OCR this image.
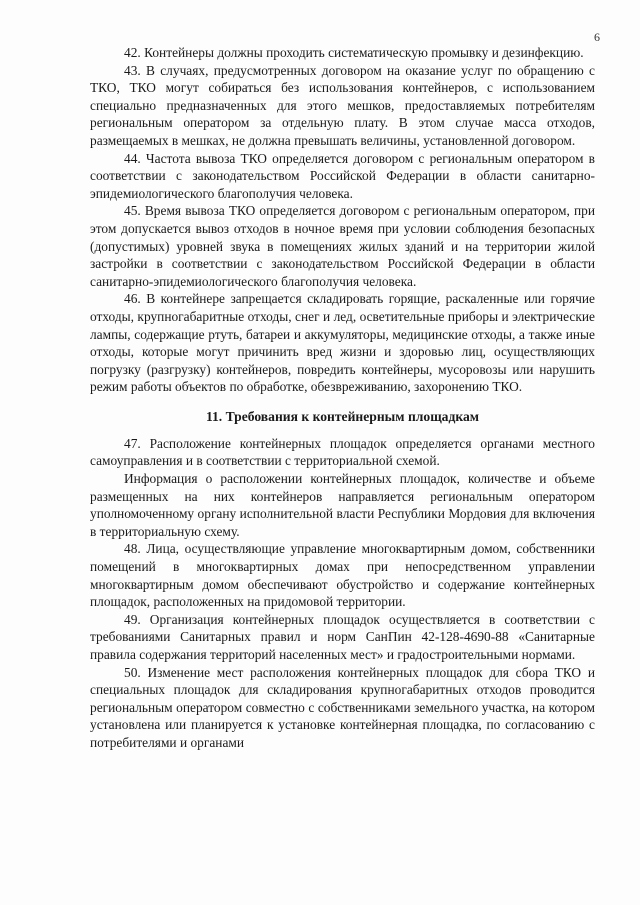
6

42. Контейнеры должны проходить систематическую промывку и дезинфекцию.

43. В случаях, предусмотренных договором на оказание услуг по обращению с ТКО, ТКО могут собираться без использования контейнеров, с использованием специально предназначенных для этого мешков, предоставляемых потребителям региональным оператором за отдельную плату. В этом случае масса отходов, размещаемых в мешках, не должна превышать величины, установленной договором.

44. Частота вывоза ТКО определяется договором с региональным оператором в соответствии с законодательством Российской Федерации в области санитарно-эпидемиологического благополучия человека.

45. Время вывоза ТКО определяется договором с региональным оператором, при этом допускается вывоз отходов в ночное время при условии соблюдения безопасных (допустимых) уровней звука в помещениях жилых зданий и на территории жилой застройки в соответствии с законодательством Российской Федерации в области санитарно-эпидемиологического благополучия человека.

46. В контейнере запрещается складировать горящие, раскаленные или горячие отходы, крупногабаритные отходы, снег и лед, осветительные приборы и электрические лампы, содержащие ртуть, батареи и аккумуляторы, медицинские отходы, а также иные отходы, которые могут причинить вред жизни и здоровью лиц, осуществляющих погрузку (разгрузку) контейнеров, повредить контейнеры, мусоровозы или нарушить режим работы объектов по обработке, обезвреживанию, захоронению ТКО.

11. Требования к контейнерным площадкам

47. Расположение контейнерных площадок определяется органами местного самоуправления и в соответствии с территориальной схемой.

Информация о расположении контейнерных площадок, количестве и объеме размещенных на них контейнеров направляется региональным оператором уполномоченному органу исполнительной власти Республики Мордовия для включения в территориальную схему.

48. Лица, осуществляющие управление многоквартирным домом, собственники помещений в многоквартирных домах при непосредственном управлении многоквартирным домом обеспечивают обустройство и содержание контейнерных площадок, расположенных на придомовой территории.

49. Организация контейнерных площадок осуществляется в соответствии с требованиями Санитарных правил и норм СанПин 42-128-4690-88 «Санитарные правила содержания территорий населенных мест» и градостроительными нормами.

50. Изменение мест расположения контейнерных площадок для сбора ТКО и специальных площадок для складирования крупногабаритных отходов проводится региональным оператором совместно с собственниками земельного участка, на котором установлена или планируется к установке контейнерная площадка, по согласованию с потребителями и органами
